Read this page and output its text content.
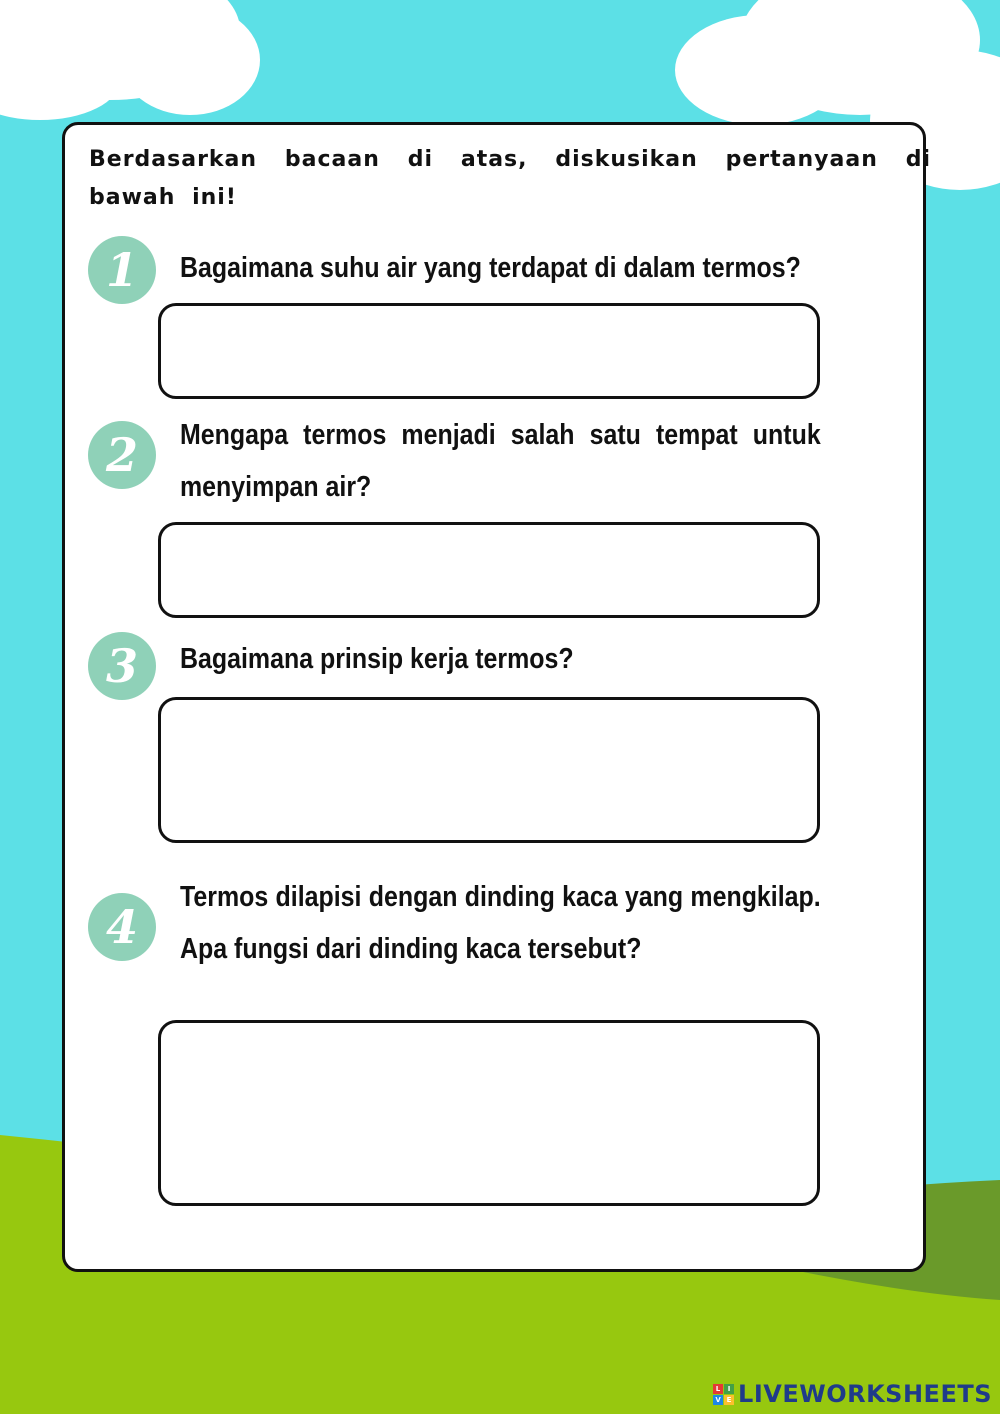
Berdasarkan bacaan di atas, diskusikan pertanyaan di bawah ini!
1	Bagaimana suhu air yang terdapat di dalam termos?
2	Mengapa termos menjadi salah satu tempat untuk menyimpan air?
3	Bagaimana prinsip kerja termos?
4
Termos dilapisi dengan dinding kaca yang mengkilap. Apa fungsi dari dinding kaca tersebut?
L	I
V E LIVEWORKSHEETS
